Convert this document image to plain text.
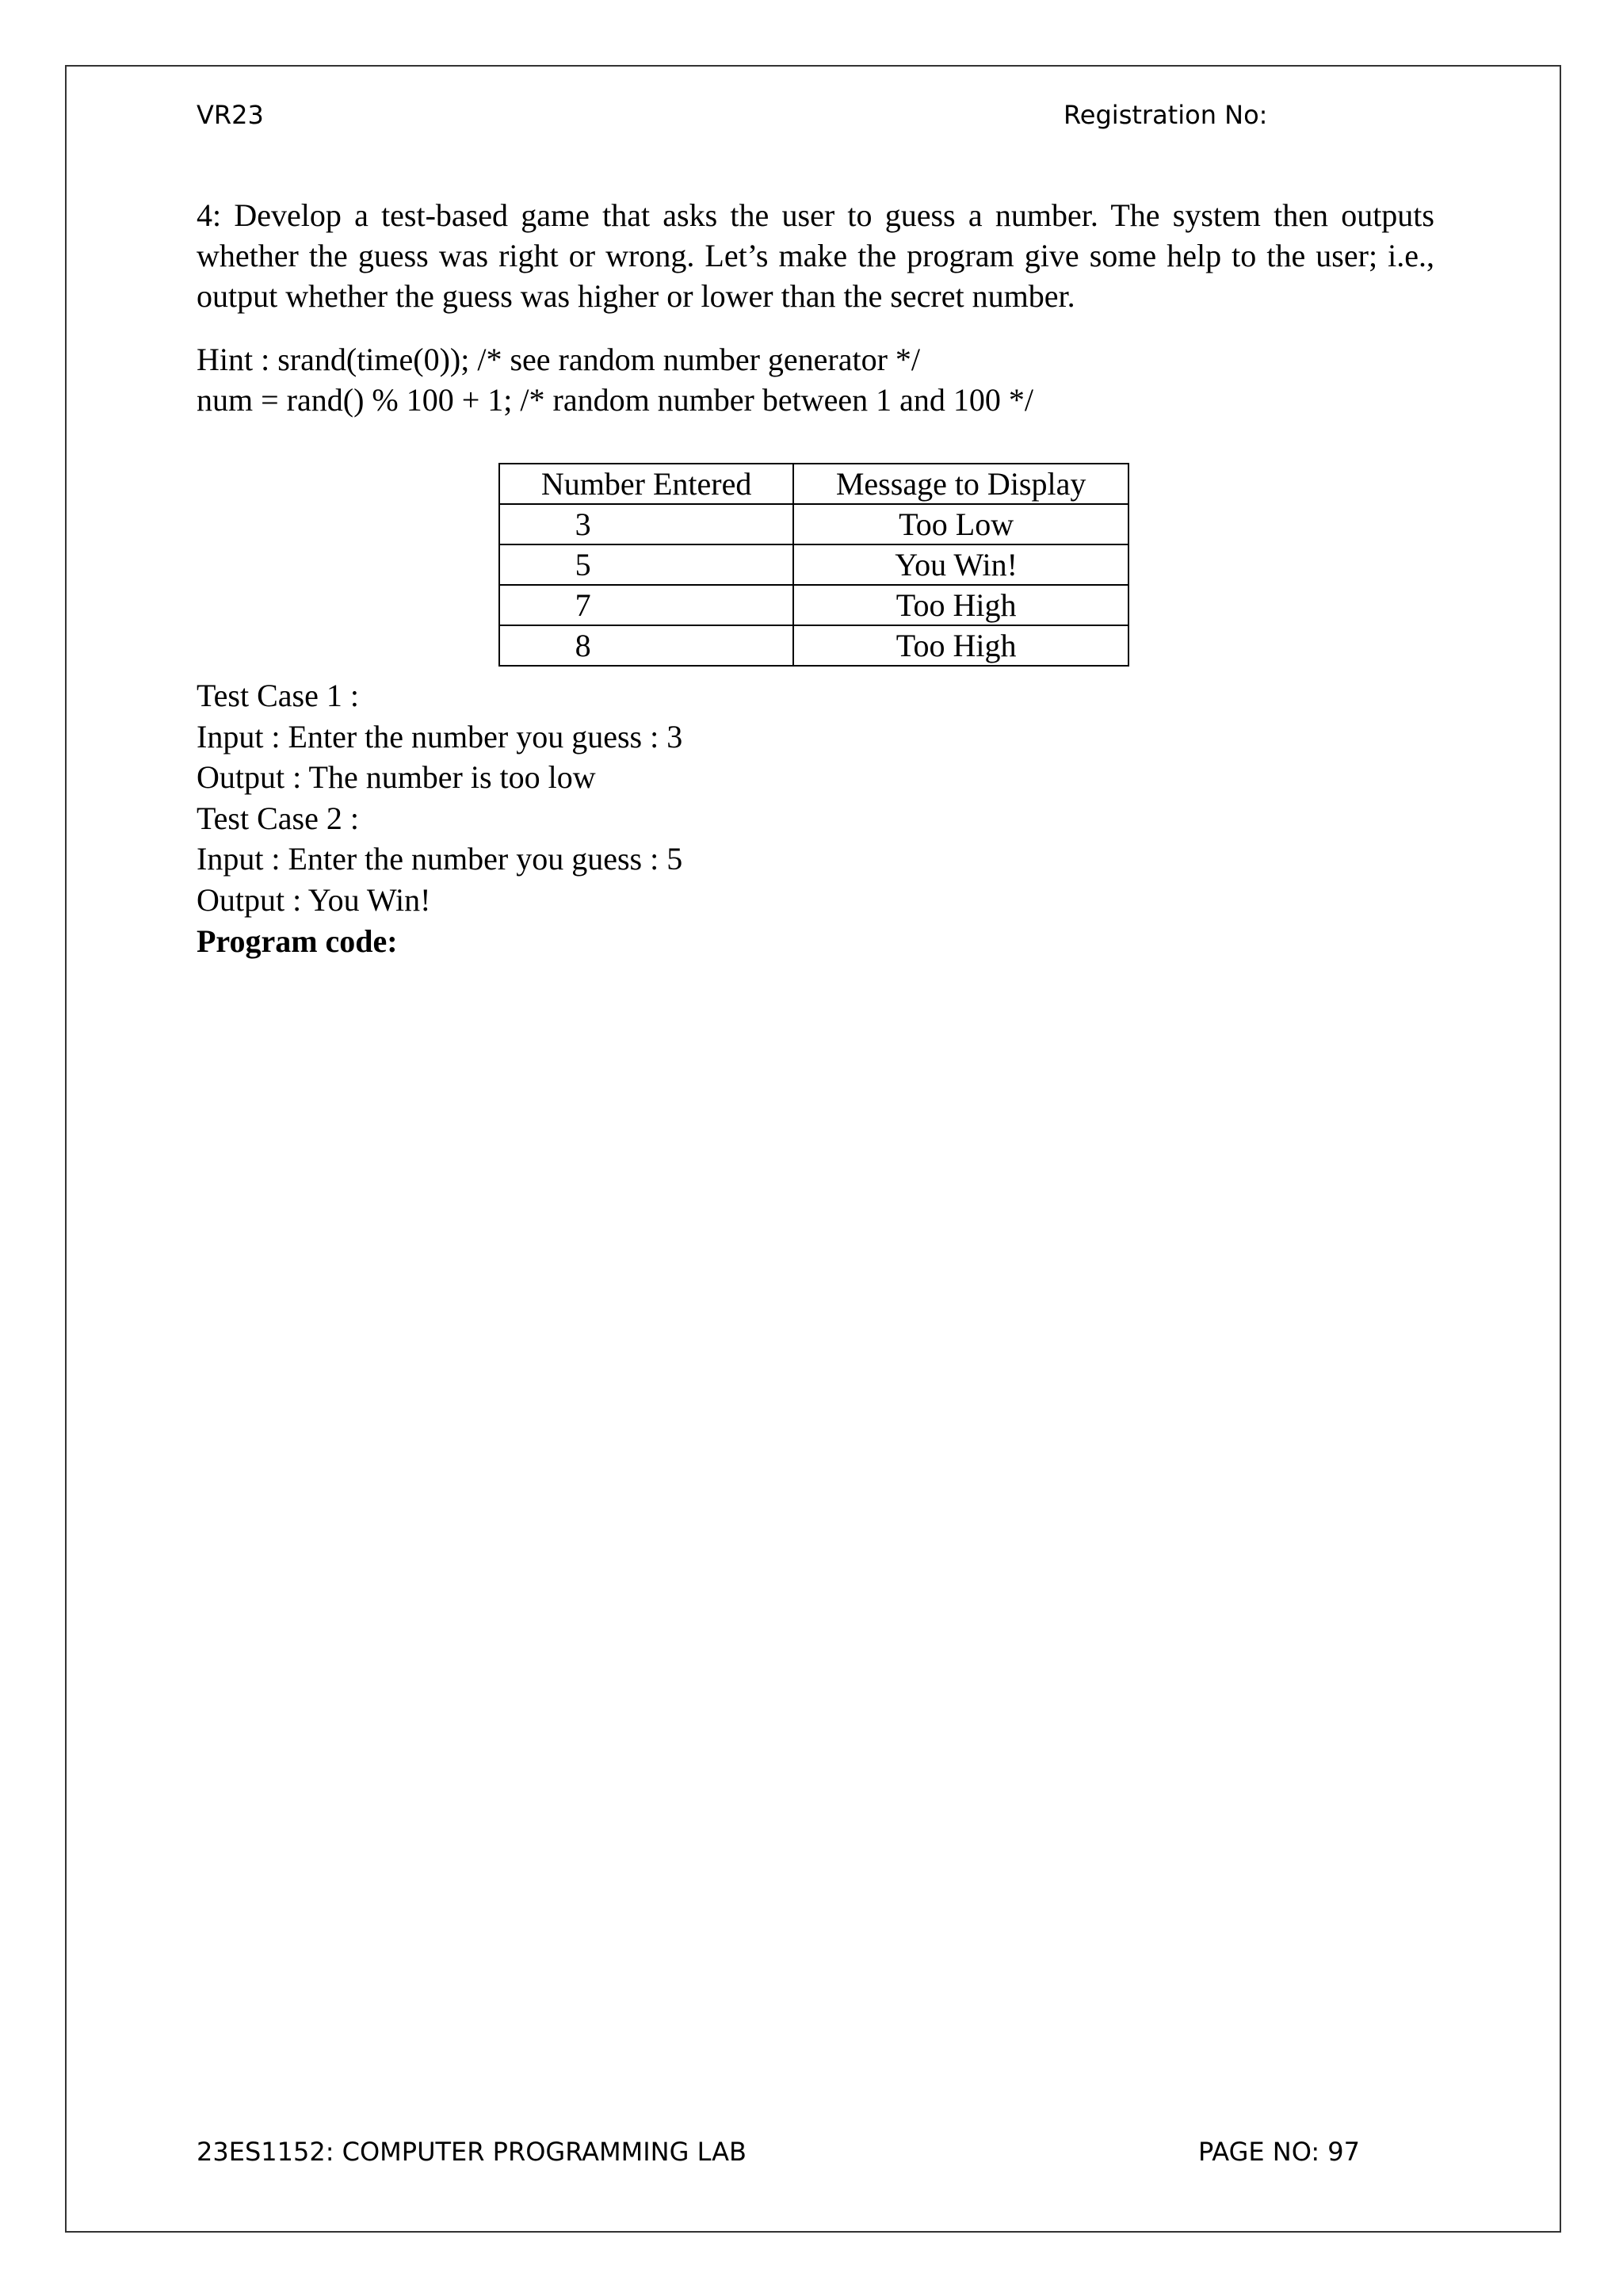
VR23	Registration No:

4: Develop a test-based game that asks the user to guess a number. The system then outputs whether the guess was right or wrong. Let’s make the program give some help to the user; i.e., output whether the guess was higher or lower than the secret number.

Hint : srand(time(0)); /* see random number generator */
num = rand() % 100 + 1; /* random number between 1 and 100 */
Number Entered	Message to Display
3	Too Low
5	You Win!
7	Too High
8	Too High
Test Case 1 :
Input : Enter the number you guess : 3
Output : The number is too low
Test Case 2 :
Input : Enter the number you guess : 5
Output : You Win!
Program code:
23ES1152: COMPUTER PROGRAMMING LAB	PAGE NO: 97
